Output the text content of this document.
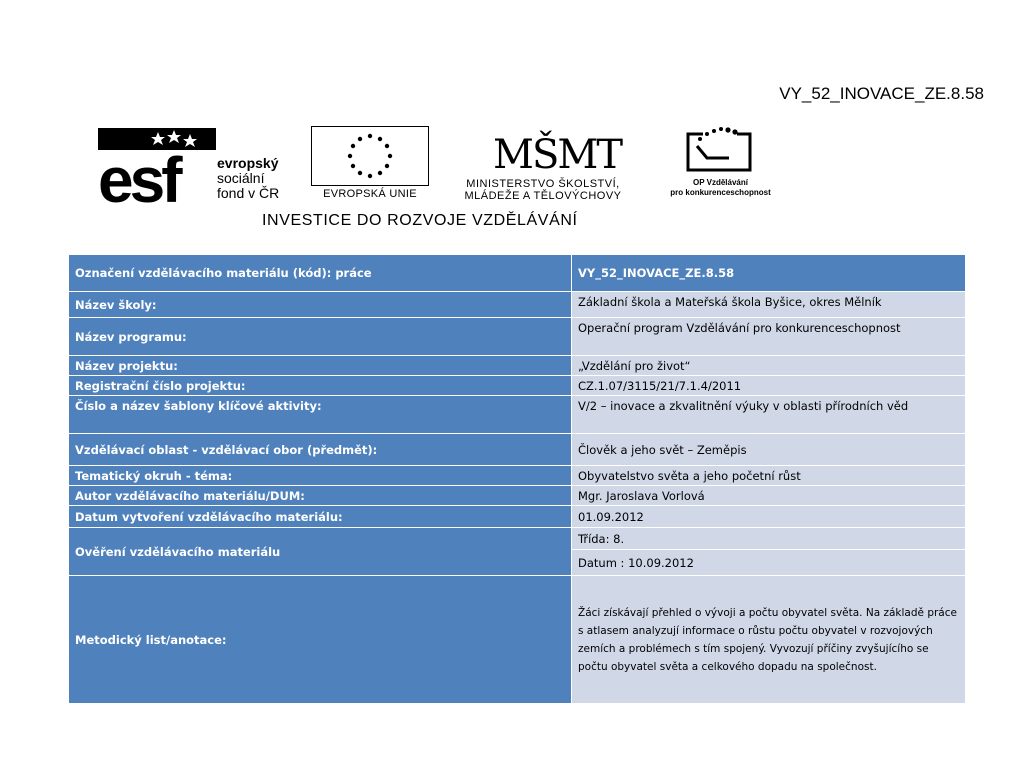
VY_52_INOVACE_ZE.8.58
esf	evropský
sociální
fond v ČR	EVROPSKÁ UNIE
MŠMT
MINISTERSTVO ŠKOLSTVÍ,
MLÁDEŽE A TĚLOVÝCHOVY
OP Vzdělávání
pro konkurenceschopnost
INVESTICE DO ROZVOJE VZDĚLÁVÁNÍ
Označení vzdělávacího materiálu (kód): práce	VY_52_INOVACE_ZE.8.58
Název školy:	Základní škola a Mateřská škola Byšice, okres Mělník
Název programu:	Operační program Vzdělávání pro konkurenceschopnost
Název projektu:	„Vzdělání pro život“
Registrační číslo projektu:	CZ.1.07/3115/21/7.1.4/2011
Číslo a název šablony klíčové aktivity:	V/2 – inovace a zkvalitnění výuky v oblasti přírodních věd
Vzdělávací oblast - vzdělávací obor (předmět):	Člověk a jeho svět – Zeměpis
Tematický okruh - téma:	Obyvatelstvo světa a jeho početní růst
Autor vzdělávacího materiálu/DUM:	Mgr. Jaroslava Vorlová
Datum vytvoření vzdělávacího materiálu:	01.09.2012
Ověření vzdělávacího materiálu	Třída: 8.
	Datum : 10.09.2012
Metodický list/anotace:	Žáci získávají přehled o vývoji a počtu obyvatel světa. Na základě práce s atlasem analyzují informace o růstu počtu obyvatel v rozvojových zemích a problémech s tím spojený. Vyvozují příčiny zvyšujícího se počtu obyvatel světa a celkového dopadu na společnost.
